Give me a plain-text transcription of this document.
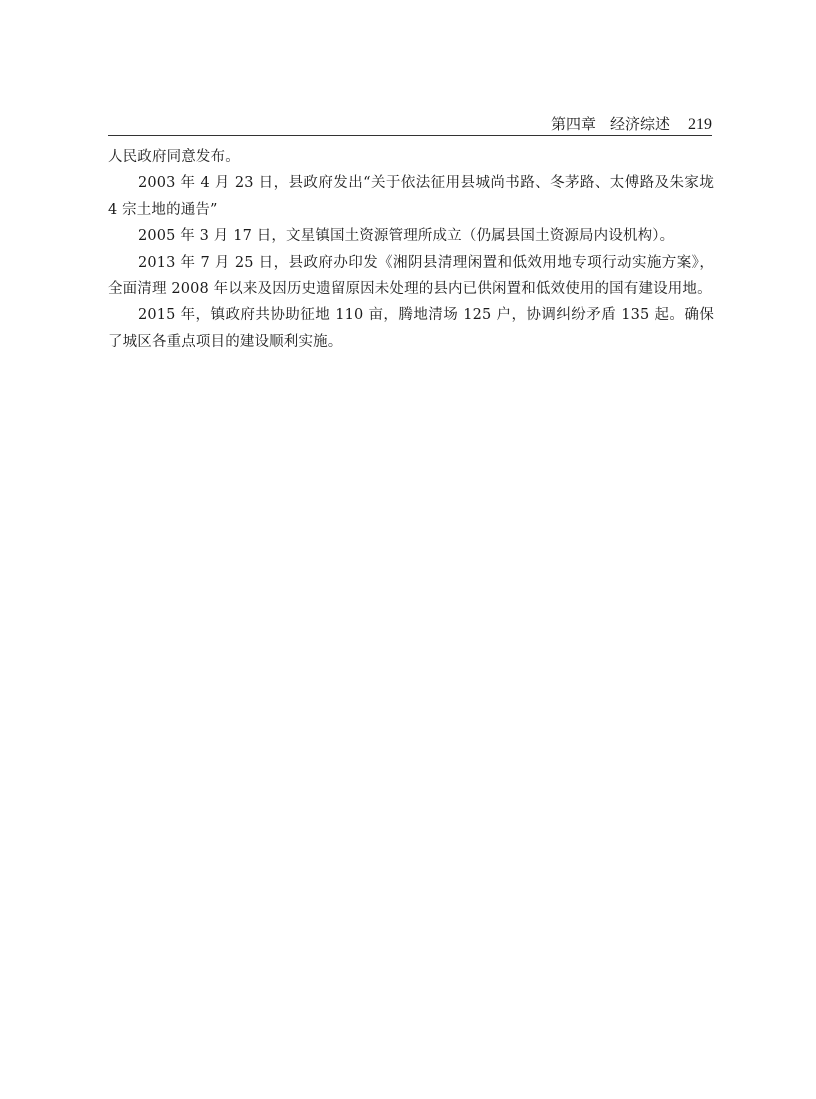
第四章 经济综述 219

人民政府同意发布。

2003 年 4 月 23 日，县政府发出“关于依法征用县城尚书路、冬茅路、太傅路及朱家垅 4 宗土地的通告”

2005 年 3 月 17 日，文星镇国土资源管理所成立（仍属县国土资源局内设机构）。

2013 年 7 月 25 日，县政府办印发《湘阴县清理闲置和低效用地专项行动实施方案》，全面清理 2008 年以来及因历史遗留原因未处理的县内已供闲置和低效使用的国有建设用地。

2015 年，镇政府共协助征地 110 亩，腾地清场 125 户，协调纠纷矛盾 135 起。确保了城区各重点项目的建设顺利实施。
